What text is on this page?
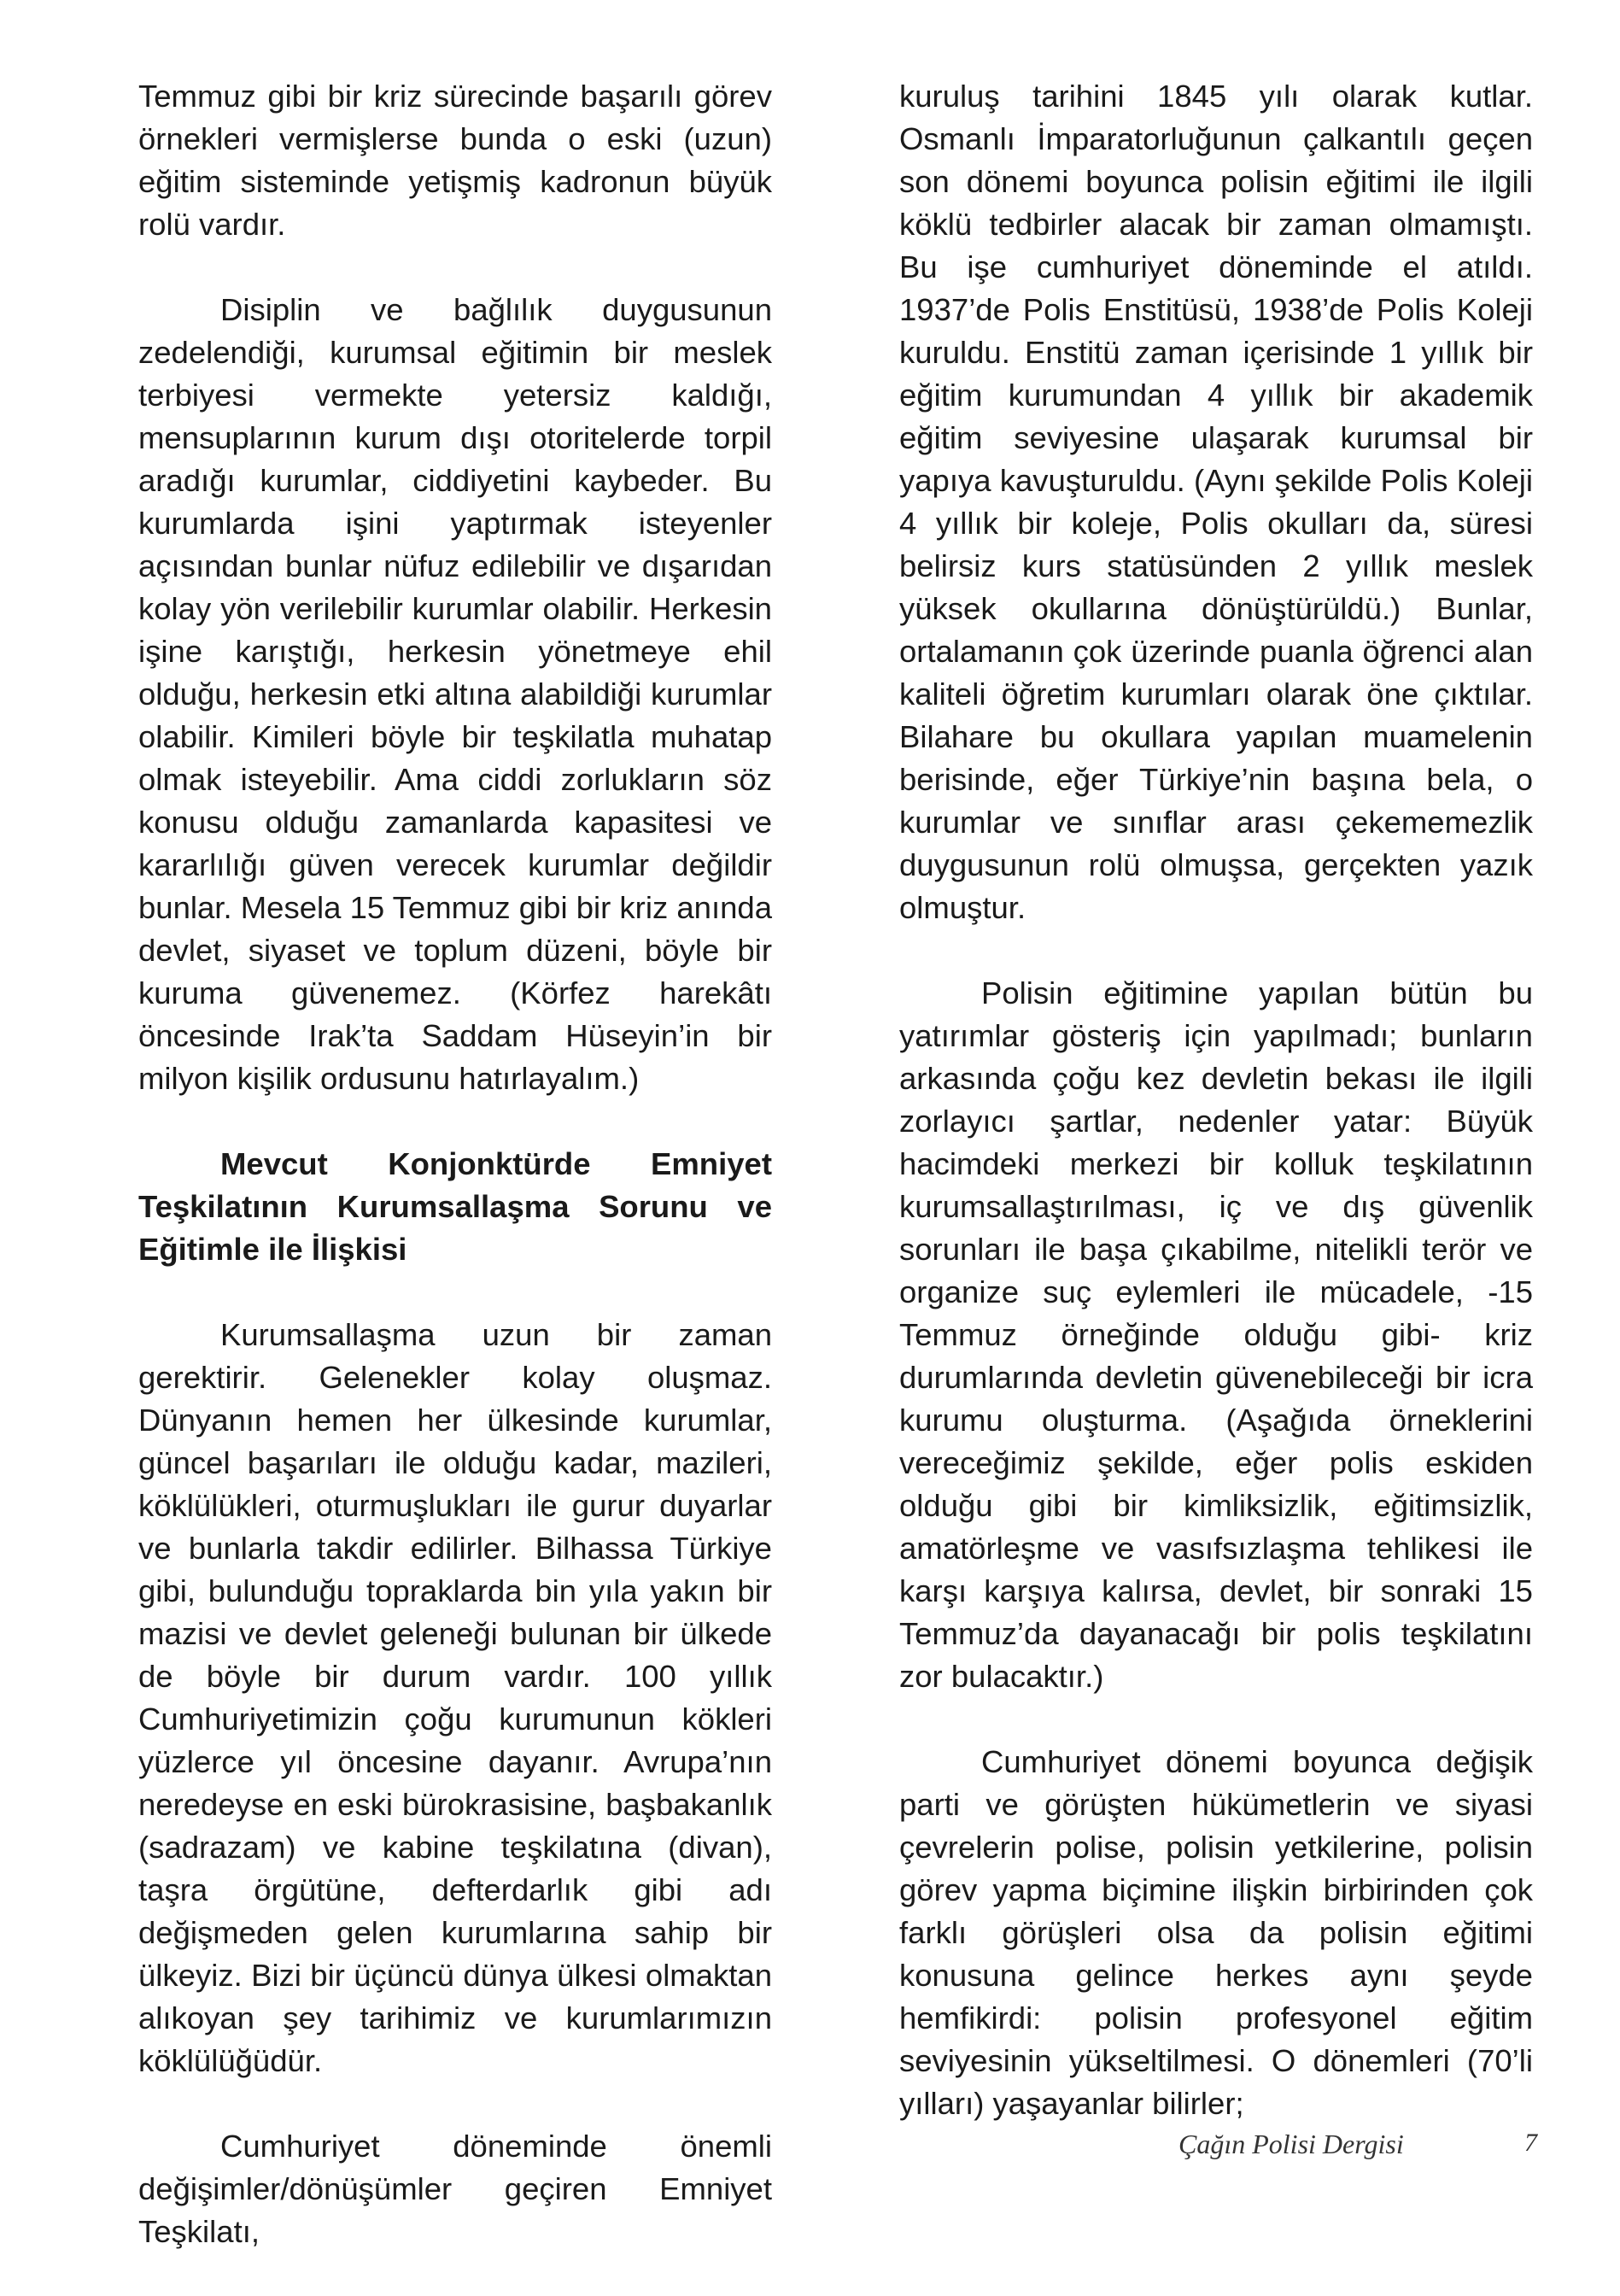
Temmuz gibi bir kriz sürecinde başarılı görev örnekleri vermişlerse bunda o eski (uzun) eğitim sisteminde yetişmiş kadronun büyük rolü vardır.

Disiplin ve bağlılık duygusunun zedelendiği, kurumsal eğitimin bir meslek terbiyesi vermekte yetersiz kaldığı, mensuplarının kurum dışı otoritelerde torpil aradığı kurumlar, ciddiyetini kaybeder. Bu kurumlarda işini yaptırmak isteyenler açısından bunlar nüfuz edilebilir ve dışarıdan kolay yön verilebilir kurumlar olabilir. Herkesin işine karıştığı, herkesin yönetmeye ehil olduğu, herkesin etki altına alabildiği kurumlar olabilir. Kimileri böyle bir teşkilatla muhatap olmak isteyebilir. Ama ciddi zorlukların söz konusu olduğu zamanlarda kapasitesi ve kararlılığı güven verecek kurumlar değildir bunlar. Mesela 15 Temmuz gibi bir kriz anında devlet, siyaset ve toplum düzeni, böyle bir kuruma güvenemez. (Körfez harekâtı öncesinde Irak’ta Saddam Hüseyin’in bir milyon kişilik ordusunu hatırlayalım.)

Mevcut Konjonktürde Emniyet Teşkilatının Kurumsallaşma Sorunu ve Eğitimle ile İlişkisi

Kurumsallaşma uzun bir zaman gerektirir. Gelenekler kolay oluşmaz. Dünyanın hemen her ülkesinde kurumlar, güncel başarıları ile olduğu kadar, mazileri, köklülükleri, oturmuşlukları ile gurur duyarlar ve bunlarla takdir edilirler. Bilhassa Türkiye gibi, bulunduğu topraklarda bin yıla yakın bir mazisi ve devlet geleneği bulunan bir ülkede de böyle bir durum vardır. 100 yıllık Cumhuriyetimizin çoğu kurumunun kökleri yüzlerce yıl öncesine dayanır. Avrupa’nın neredeyse en eski bürokrasisine, başbakanlık (sadrazam) ve kabine teşkilatına (divan), taşra örgütüne, defterdarlık gibi adı değişmeden gelen kurumlarına sahip bir ülkeyiz. Bizi bir üçüncü dünya ülkesi olmaktan alıkoyan şey tarihimiz ve kurumlarımızın köklülüğüdür.

Cumhuriyet döneminde önemli değişimler/dönüşümler geçiren Emniyet Teşkilatı,

kuruluş tarihini 1845 yılı olarak kutlar. Osmanlı İmparatorluğunun çalkantılı geçen son dönemi boyunca polisin eğitimi ile ilgili köklü tedbirler alacak bir zaman olmamıştı. Bu işe cumhuriyet döneminde el atıldı. 1937’de Polis Enstitüsü, 1938’de Polis Koleji kuruldu. Enstitü zaman içerisinde 1 yıllık bir eğitim kurumundan 4 yıllık bir akademik eğitim seviyesine ulaşarak kurumsal bir yapıya kavuşturuldu. (Aynı şekilde Polis Koleji 4 yıllık bir koleje, Polis okulları da, süresi belirsiz kurs statüsünden 2 yıllık meslek yüksek okullarına dönüştürüldü.) Bunlar, ortalamanın çok üzerinde puanla öğrenci alan kaliteli öğretim kurumları olarak öne çıktılar. Bilahare bu okullara yapılan muamelenin berisinde, eğer Türkiye’nin başına bela, o kurumlar ve sınıflar arası çekememezlik duygusunun rolü olmuşsa, gerçekten yazık olmuştur.

Polisin eğitimine yapılan bütün bu yatırımlar gösteriş için yapılmadı; bunların arkasında çoğu kez devletin bekası ile ilgili zorlayıcı şartlar, nedenler yatar: Büyük hacimdeki merkezi bir kolluk teşkilatının kurumsallaştırılması, iç ve dış güvenlik sorunları ile başa çıkabilme, nitelikli terör ve organize suç eylemleri ile mücadele, -15 Temmuz örneğinde olduğu gibi- kriz durumlarında devletin güvenebileceği bir icra kurumu oluşturma. (Aşağıda örneklerini vereceğimiz şekilde, eğer polis eskiden olduğu gibi bir kimliksizlik, eğitimsizlik, amatörleşme ve vasıfsızlaşma tehlikesi ile karşı karşıya kalırsa, devlet, bir sonraki 15 Temmuz’da dayanacağı bir polis teşkilatını zor bulacaktır.)

Cumhuriyet dönemi boyunca değişik parti ve görüşten hükümetlerin ve siyasi çevrelerin polise, polisin yetkilerine, polisin görev yapma biçimine ilişkin birbirinden çok farklı görüşleri olsa da polisin eğitimi konusuna gelince herkes aynı şeyde hemfikirdi: polisin profesyonel eğitim seviyesinin yükseltilmesi. O dönemleri (70’li yılları) yaşayanlar bilirler;

Çağın Polisi Dergisi	7
